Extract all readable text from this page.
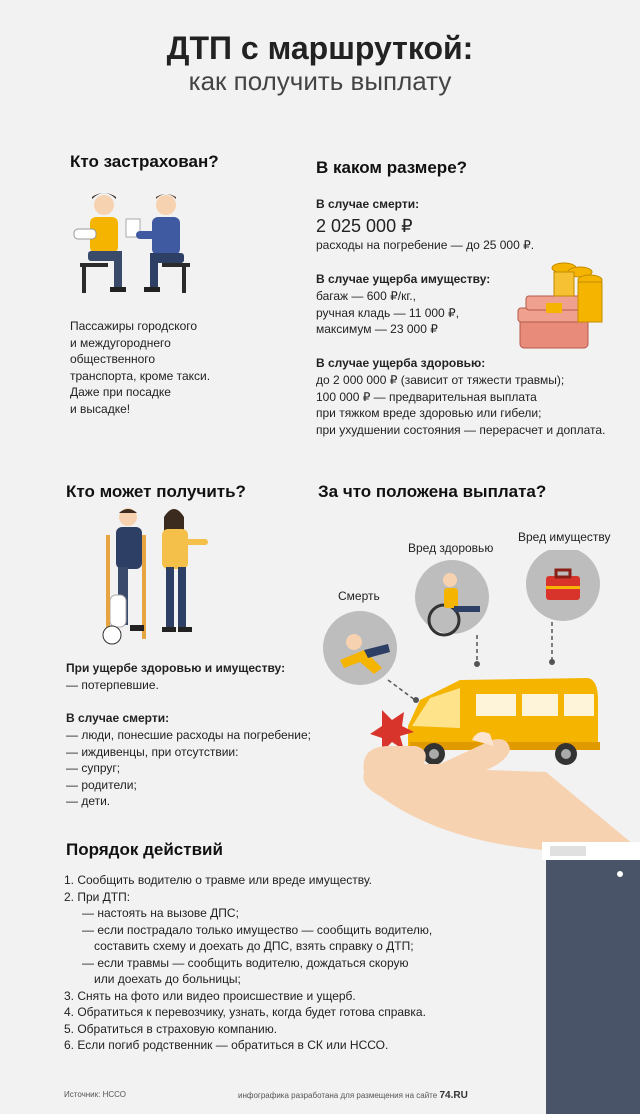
ДТП с маршруткой:
как получить выплату
Кто застрахован?
Пассажиры городского
и междугороднего
общественного
транспорта, кроме такси.
Даже при посадке
и высадке!
В каком размере?
В случае смерти:
2 025 000 ₽
расходы на погребение — до 25 000 ₽.
В случае ущерба имуществу:
багаж — 600 ₽/кг.,
ручная кладь — 11 000 ₽,
максимум — 23 000 ₽
В случае ущерба здоровью:
до 2 000 000 ₽ (зависит от тяжести травмы);
100 000 ₽ — предварительная выплата
при тяжком вреде здоровью или гибели;
при ухудшении состояния — перерасчет и доплата.
Кто может получить?
При ущербе здоровью и имуществу:
— потерпевшие.
В случае смерти:
— люди, понесшие расходы на погребение;
— иждивенцы, при отсутствии:
— супруг;
— родители;
— дети.
За что положена выплата?
Вред здоровью
Вред имуществу
Смерть
Порядок действий
1. Сообщить водителю о травме или вреде имуществу.
2. При ДТП:
— настоять на вызове ДПС;
— если пострадало только имущество — сообщить водителю,
составить схему и доехать до ДПС, взять справку о ДТП;
— если травмы — сообщить водителю, дождаться скорую
или доехать до больницы;
3. Снять на фото или видео происшествие и ущерб.
4. Обратиться к перевозчику, узнать, когда будет готова справка.
5. Обратиться в страховую компанию.
6. Если погиб родственник — обратиться в СК или НССО.
Источник: НССО	инфографика разработана для размещения на сайте 74.RU
